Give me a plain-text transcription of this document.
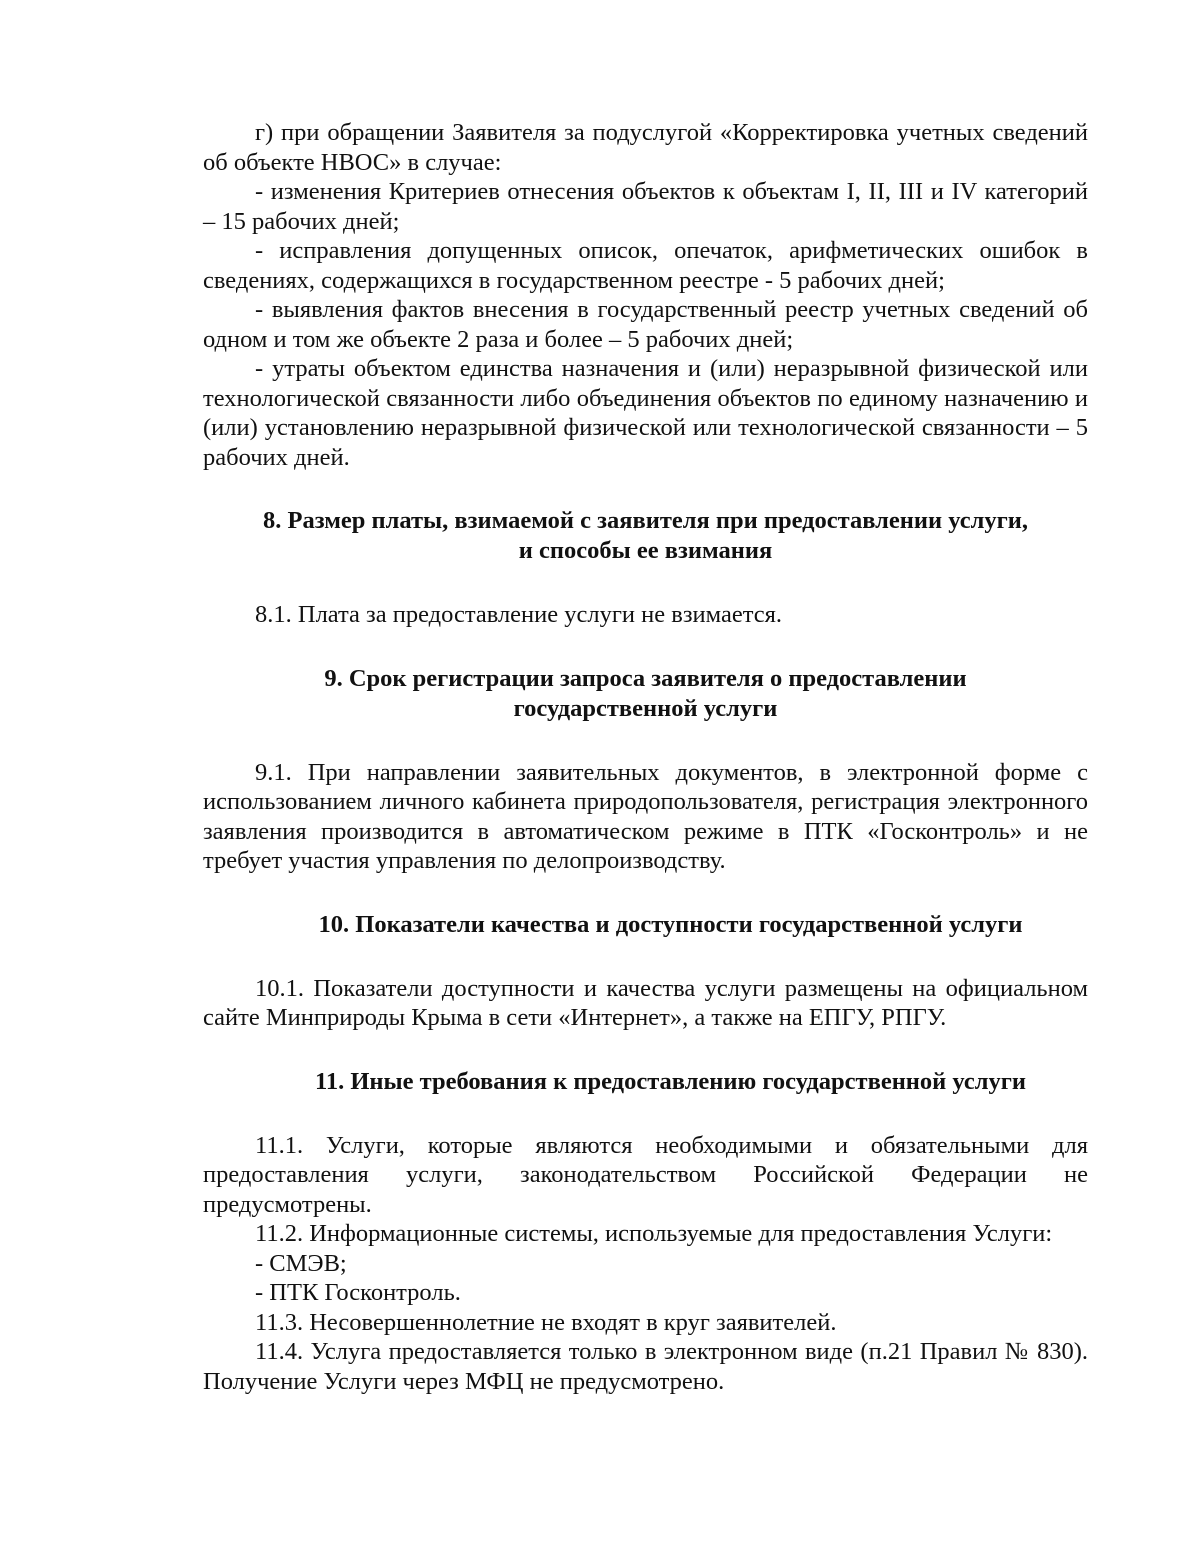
г) при обращении Заявителя за подуслугой «Корректировка учетных сведений об объекте НВОС» в случае:

- изменения Критериев отнесения объектов к объектам I, II, III и IV категорий – 15 рабочих дней;

- исправления допущенных описок, опечаток, арифметических ошибок в сведениях, содержащихся в государственном реестре - 5 рабочих дней;

- выявления фактов внесения в государственный реестр учетных сведений об одном и том же объекте 2 раза и более – 5 рабочих дней;

- утраты объектом единства назначения и (или) неразрывной физической или технологической связанности либо объединения объектов по единому назначению и (или) установлению неразрывной физической или технологической связанности – 5 рабочих дней.

8. Размер платы, взимаемой с заявителя при предоставлении услуги,
и способы ее взимания

8.1. Плата за предоставление услуги не взимается.

9. Срок регистрации запроса заявителя о предоставлении
государственной услуги

9.1. При направлении заявительных документов, в электронной форме с использованием личного кабинета природопользователя, регистрация электронного заявления производится в автоматическом режиме в ПТК «Госконтроль» и не требует участия управления по делопроизводству.

10. Показатели качества и доступности государственной услуги

10.1. Показатели доступности и качества услуги размещены на официальном сайте Минприроды Крыма в сети «Интернет», а также на ЕПГУ, РПГУ.

11. Иные требования к предоставлению государственной услуги

11.1. Услуги, которые являются необходимыми и обязательными для предоставления услуги, законодательством Российской Федерации не предусмотрены.

11.2. Информационные системы, используемые для предоставления Услуги:

- СМЭВ;

- ПТК Госконтроль.

11.3. Несовершеннолетние не входят в круг заявителей.

11.4. Услуга предоставляется только в электронном виде (п.21 Правил № 830). Получение Услуги через МФЦ не предусмотрено.
